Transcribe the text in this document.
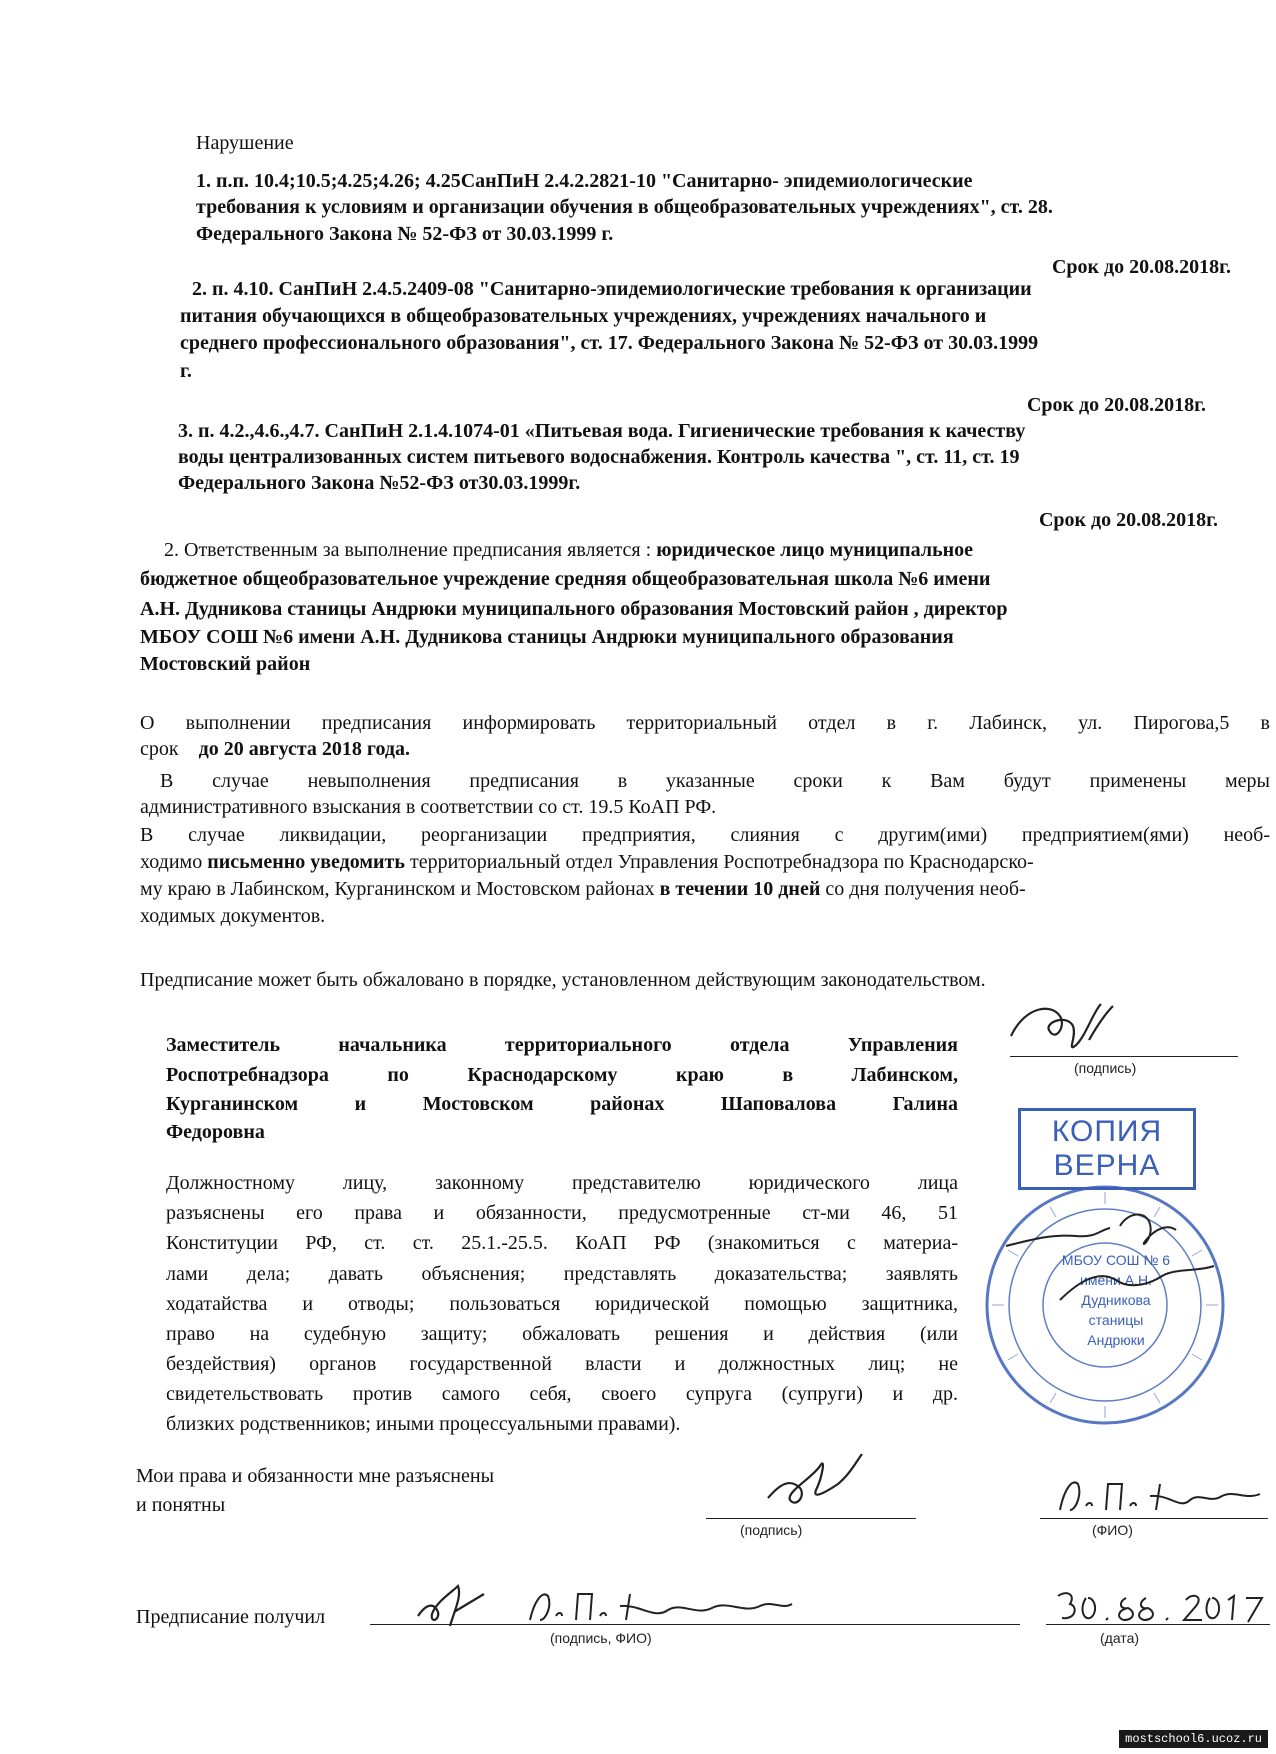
Нарушение
1. п.п. 10.4;10.5;4.25;4.26; 4.25СанПиН 2.4.2.2821-10 "Санитарно- эпидемиологические
требования к условиям и организации обучения в общеобразовательных учреждениях", ст. 28.
Федерального Закона № 52-ФЗ от 30.03.1999 г.
Срок до 20.08.2018г.
2. п. 4.10. СанПиН 2.4.5.2409-08 "Санитарно-эпидемиологические требования к организации
питания обучающихся в общеобразовательных учреждениях, учреждениях начального и
среднего профессионального образования", ст. 17. Федерального Закона № 52-ФЗ от 30.03.1999
г.
Срок до 20.08.2018г.
3. п. 4.2.,4.6.,4.7. СанПиН 2.1.4.1074-01 «Питьевая вода. Гигиенические требования к качеству
воды централизованных систем питьевого водоснабжения. Контроль качества ", ст. 11, ст. 19
Федерального Закона №52-ФЗ от30.03.1999г.
Срок до 20.08.2018г.
2. Ответственным за выполнение предписания является : юридическое лицо муниципальное
бюджетное общеобразовательное учреждение средняя общеобразовательная школа №6 имени
А.Н. Дудникова станицы Андрюки муниципального образования Мостовский район , директор
МБОУ СОШ №6 имени А.Н. Дудникова станицы Андрюки муниципального образования
Мостовский район
О выполнении предписания информировать территориальный отдел в г. Лабинск, ул. Пирогова,5 в
срок    до 20 августа 2018 года.
В случае невыполнения предписания в указанные сроки к Вам будут применены меры
административного взыскания в соответствии со ст. 19.5 КоАП РФ.
В случае ликвидации, реорганизации предприятия, слияния с другим(ими) предприятием(ями) необ-
ходимо письменно уведомить территориальный отдел Управления Роспотребнадзора по Краснодарско-
му краю в Лабинском, Курганинском и Мостовском районах в течении 10 дней со дня получения необ-
ходимых документов.
Предписание может быть обжаловано в порядке, установленном действующим законодательством.
Заместитель начальника территориального отдела Управления
Роспотребнадзора по Краснодарскому краю в Лабинском,
Курганинском и Мостовском районах Шаповалова Галина
Федоровна
(подпись)
КОПИЯ
ВЕРНА
МБОУ СОШ № 6 имени А.Н. Дудникова станицы Андрюки
Должностному лицу, законному представителю юридического лица
разъяснены его права и обязанности, предусмотренные ст-ми 46, 51
Конституции РФ, ст. ст. 25.1.-25.5. КоАП РФ (знакомиться с материа-
лами дела; давать объяснения; представлять доказательства; заявлять
ходатайства и отводы; пользоваться юридической помощью защитника,
право на судебную защиту; обжаловать решения и действия (или
бездействия) органов государственной власти и должностных лиц; не
свидетельствовать против самого себя, своего супруга (супруги) и др.
близких родственников; иными процессуальными правами).
Мои права и обязанности мне разъяснены
и понятны
(подпись)	(ФИО)
Предписание получил
(подпись, ФИО)	(дата)
mostschool6.ucoz.ru
